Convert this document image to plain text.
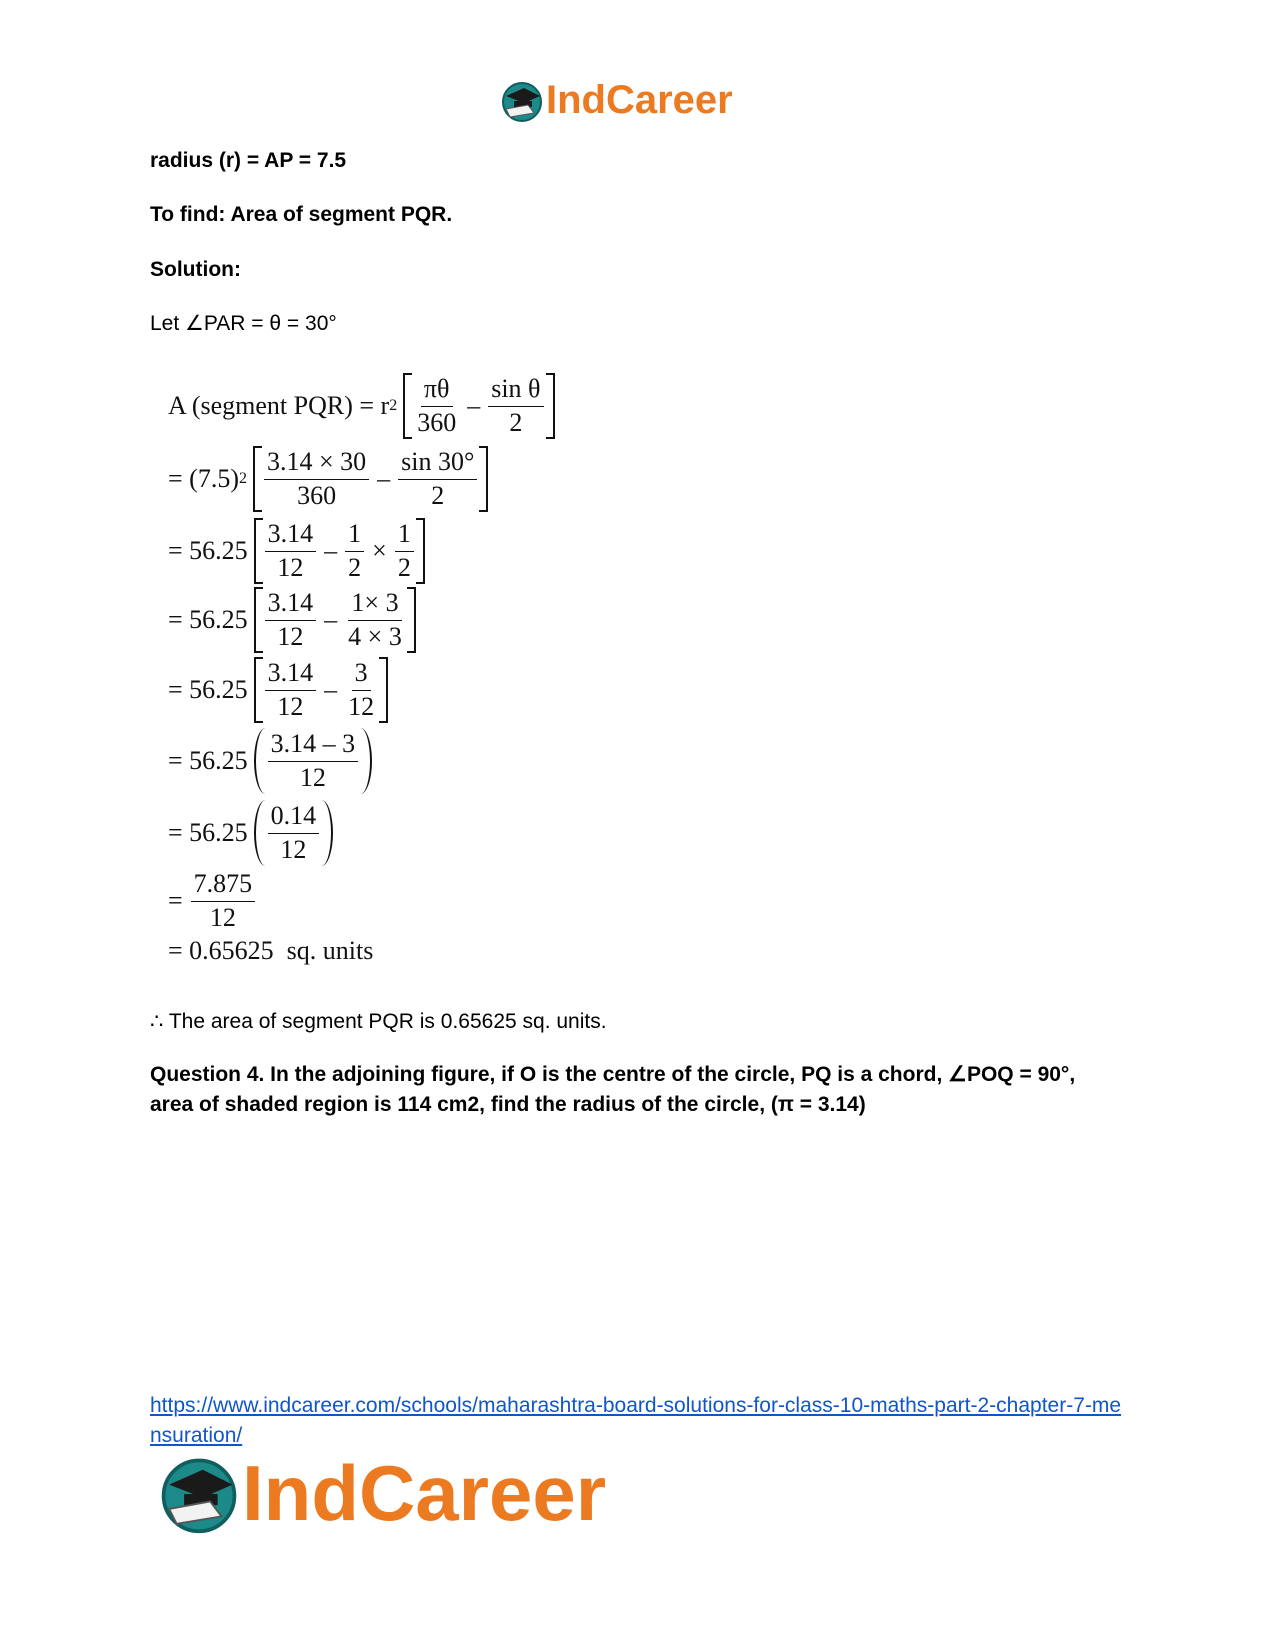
IndCareer

radius (r) = AP = 7.5

To find: Area of segment PQR.

Solution:

Let ∠PAR = θ = 30°

A (segment PQR) = r $2 \frac{\pi\theta}{360} - \frac{\text{sin θ}}{2}$
= (7.5) $2 \frac{3.14 \times 30}{360} - \frac{\sin 30^\circ}{2}$
= $56.25 \frac{3.14}{12} - \frac{1}{2} \times \frac{1}{2}$
= $56.25 \frac{3.14}{12} - \frac{1\times 3}{4 \times 3}$
= $56.25 \frac{3.14}{12} - \frac{3}{12}$
= $56.25 \frac{3.14 - 3}{12}$
= $56.25 \frac{0.14}{12}$
= $\frac{7.875}{12}$
= 0.65625  sq. units

∴ The area of segment PQR is 0.65625 sq. units.

Question 4. In the adjoining figure, if O is the centre of the circle, PQ is a chord, ∠POQ = 90°, area of shaded region is 114 cm2, find the radius of the circle, (π = 3.14)

https://www.indcareer.com/schools/maharashtra-board-solutions-for-class-10-maths-part-2-chapter-7-mensuration/
IndCareer
